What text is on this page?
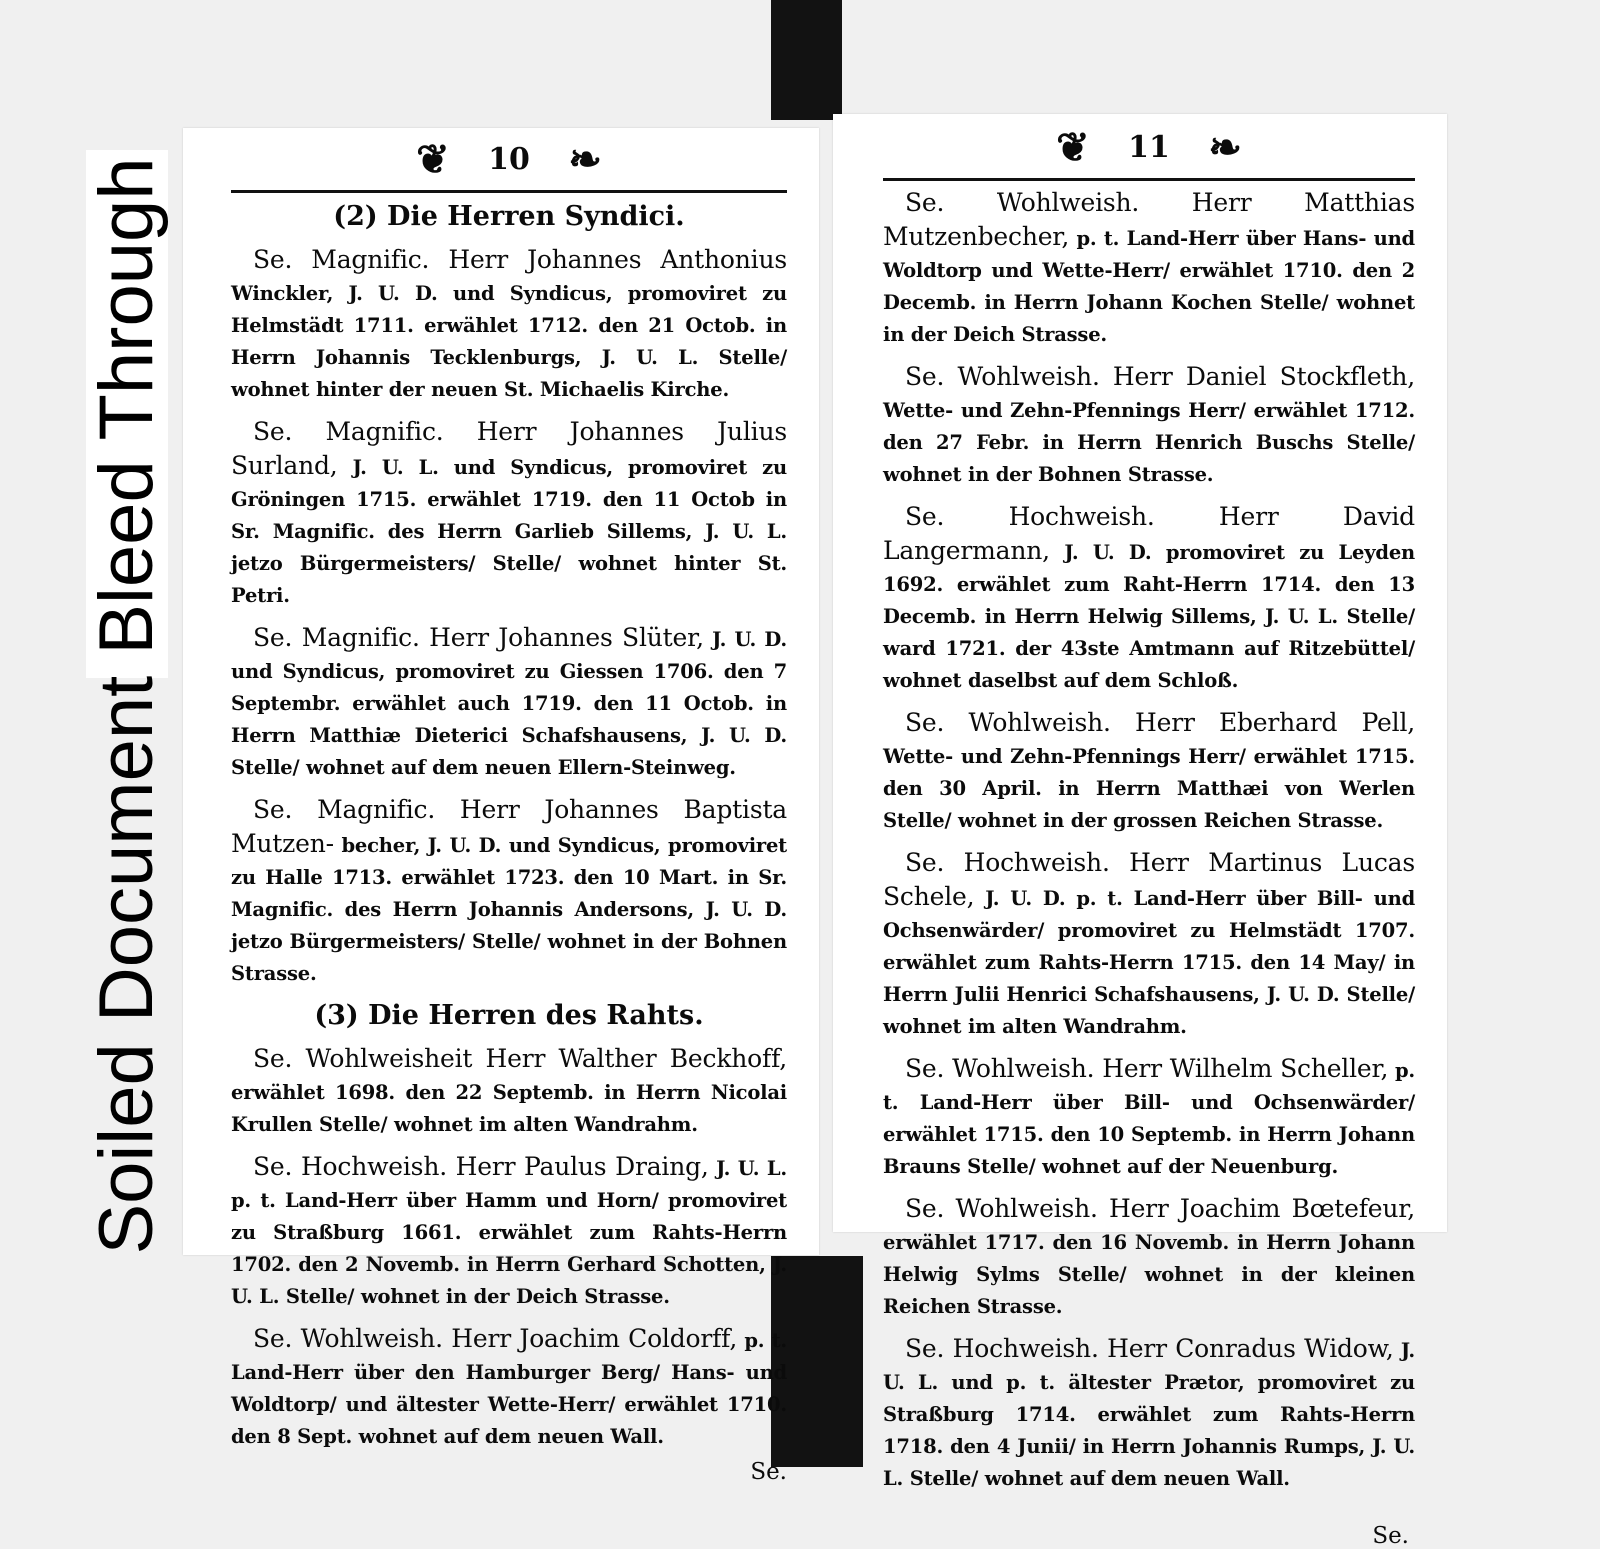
Soiled Document Bleed Through	❦ 10 ❧
(2) Die Herren Syndici.

Se. Magnific. Herr Johannes Anthonius Winckler, J. U. D. und Syndicus, promoviret zu Helmstädt 1711. erwählet 1712. den 21 Octob. in Herrn Johannis Tecklenburgs, J. U. L. Stelle/ wohnet hinter der neuen St. Michaelis Kirche.

Se. Magnific. Herr Johannes Julius Surland, J. U. L. und Syndicus, promoviret zu Gröningen 1715. erwählet 1719. den 11 Octob in Sr. Magnific. des Herrn Garlieb Sillems, J. U. L. jetzo Bürgermeisters/ Stelle/ wohnet hinter St. Petri.

Se. Magnific. Herr Johannes Slüter, J. U. D. und Syndicus, promoviret zu Giessen 1706. den 7 Septembr. erwählet auch 1719. den 11 Octob. in Herrn Matthiæ Dieterici Schafshausens, J. U. D. Stelle/ wohnet auf dem neuen Ellern-Steinweg.

Se. Magnific. Herr Johannes Baptista Mutzen- becher, J. U. D. und Syndicus, promoviret zu Halle 1713. erwählet 1723. den 10 Mart. in Sr. Magnific. des Herrn Johannis Andersons, J. U. D. jetzo Bürgermeisters/ Stelle/ wohnet in der Bohnen Strasse.

(3) Die Herren des Rahts.

Se. Wohlweisheit Herr Walther Beckhoff, erwählet 1698. den 22 Septemb. in Herrn Nicolai Krullen Stelle/ wohnet im alten Wandrahm.

Se. Hochweish. Herr Paulus Draing, J. U. L. p. t. Land-Herr über Hamm und Horn/ promoviret zu Straßburg 1661. erwählet zum Rahts-Herrn 1702. den 2 Novemb. in Herrn Gerhard Schotten, J. U. L. Stelle/ wohnet in der Deich Strasse.

Se. Wohlweish. Herr Joachim Coldorff, p. t. Land-Herr über den Hamburger Berg/ Hans- und Woldtorp/ und ältester Wette-Herr/ erwählet 1710. den 8 Sept. wohnet auf dem neuen Wall.

Se.
❦ 11 ❧

Se. Wohlweish. Herr Matthias Mutzenbecher, p. t. Land-Herr über Hans- und Woldtorp und Wette-Herr/ erwählet 1710. den 2 Decemb. in Herrn Johann Kochen Stelle/ wohnet in der Deich Strasse.

Se. Wohlweish. Herr Daniel Stockfleth, Wette- und Zehn-Pfennings Herr/ erwählet 1712. den 27 Febr. in Herrn Henrich Buschs Stelle/ wohnet in der Bohnen Strasse.

Se. Hochweish. Herr David Langermann, J. U. D. promoviret zu Leyden 1692. erwählet zum Raht-Herrn 1714. den 13 Decemb. in Herrn Helwig Sillems, J. U. L. Stelle/ ward 1721. der 43ste Amtmann auf Ritzebüttel/ wohnet daselbst auf dem Schloß.

Se. Wohlweish. Herr Eberhard Pell, Wette- und Zehn-Pfennings Herr/ erwählet 1715. den 30 April. in Herrn Matthæi von Werlen Stelle/ wohnet in der grossen Reichen Strasse.

Se. Hochweish. Herr Martinus Lucas Schele, J. U. D. p. t. Land-Herr über Bill- und Ochsenwärder/ promoviret zu Helmstädt 1707. erwählet zum Rahts-Herrn 1715. den 14 May/ in Herrn Julii Henrici Schafshausens, J. U. D. Stelle/ wohnet im alten Wandrahm.

Se. Wohlweish. Herr Wilhelm Scheller, p. t. Land-Herr über Bill- und Ochsenwärder/ erwählet 1715. den 10 Septemb. in Herrn Johann Brauns Stelle/ wohnet auf der Neuenburg.

Se. Wohlweish. Herr Joachim Bœtefeur, erwählet 1717. den 16 Novemb. in Herrn Johann Helwig Sylms Stelle/ wohnet in der kleinen Reichen Strasse.

Se. Hochweish. Herr Conradus Widow, J. U. L. und p. t. ältester Prætor, promoviret zu Straßburg 1714. erwählet zum Rahts-Herrn 1718. den 4 Junii/ in Herrn Johannis Rumps, J. U. L. Stelle/ wohnet auf dem neuen Wall.

Se.
